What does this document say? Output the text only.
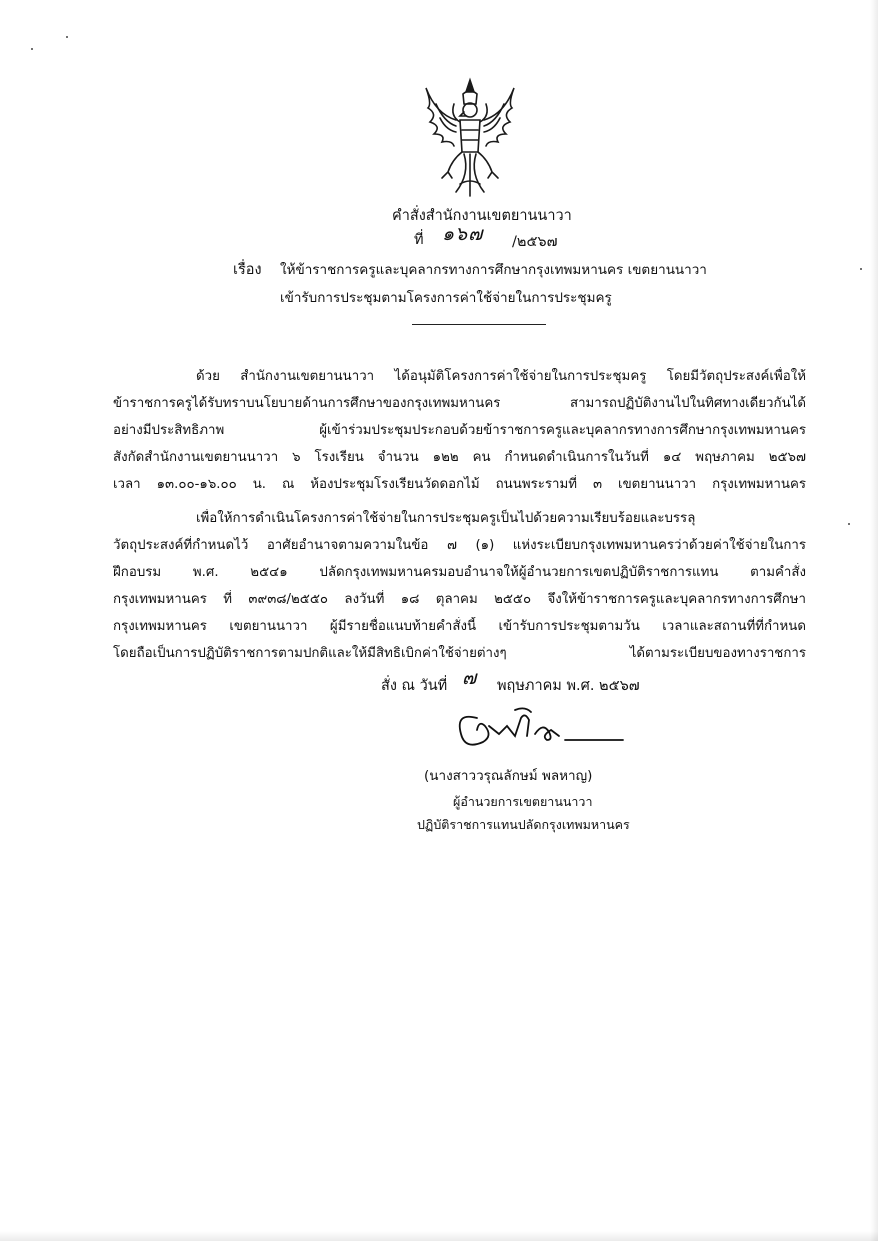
คำสั่งสำนักงานเขตยานนาวา
ที่ ๑๖๗ /๒๕๖๗
เรื่อง ให้ข้าราชการครูและบุคลากรทางการศึกษากรุงเทพมหานคร เขตยานนาวา
เข้ารับการประชุมตามโครงการค่าใช้จ่ายในการประชุมครู
ด้วย สำนักงานเขตยานนาวา ได้อนุมัติโครงการค่าใช้จ่ายในการประชุมครู โดยมีวัตถุประสงค์เพื่อให้
ข้าราชการครูได้รับทราบนโยบายด้านการศึกษาของกรุงเทพมหานคร สามารถปฏิบัติงานไปในทิศทางเดียวกันได้
อย่างมีประสิทธิภาพ ผู้เข้าร่วมประชุมประกอบด้วยข้าราชการครูและบุคลากรทางการศึกษากรุงเทพมหานคร
สังกัดสำนักงานเขตยานนาวา ๖ โรงเรียน จำนวน ๑๒๒ คน กำหนดดำเนินการในวันที่ ๑๔ พฤษภาคม ๒๕๖๗
เวลา ๑๓.๐๐-๑๖.๐๐ น. ณ ห้องประชุมโรงเรียนวัดดอกไม้ ถนนพระรามที่ ๓ เขตยานนาวา กรุงเทพมหานคร
เพื่อให้การดำเนินโครงการค่าใช้จ่ายในการประชุมครูเป็นไปด้วยความเรียบร้อยและบรรลุ
วัตถุประสงค์ที่กำหนดไว้ อาศัยอำนาจตามความในข้อ ๗ (๑) แห่งระเบียบกรุงเทพมหานครว่าด้วยค่าใช้จ่ายในการ
ฝึกอบรม พ.ศ. ๒๕๔๑ ปลัดกรุงเทพมหานครมอบอำนาจให้ผู้อำนวยการเขตปฏิบัติราชการแทน ตามคำสั่ง
กรุงเทพมหานคร ที่ ๓๙๓๘/๒๕๕๐ ลงวันที่ ๑๘ ตุลาคม ๒๕๕๐ จึงให้ข้าราชการครูและบุคลากรทางการศึกษา
กรุงเทพมหานคร เขตยานนาวา ผู้มีรายชื่อแนบท้ายคำสั่งนี้ เข้ารับการประชุมตามวัน เวลาและสถานที่ที่กำหนด
โดยถือเป็นการปฏิบัติราชการตามปกติและให้มีสิทธิเบิกค่าใช้จ่ายต่างๆ ได้ตามระเบียบของทางราชการ
สั่ง ณ วันที่ ๗ พฤษภาคม พ.ศ. ๒๕๖๗
(นางสาววรุณลักษม์ พลหาญ)
ผู้อำนวยการเขตยานนาวา
ปฏิบัติราชการแทนปลัดกรุงเทพมหานคร
